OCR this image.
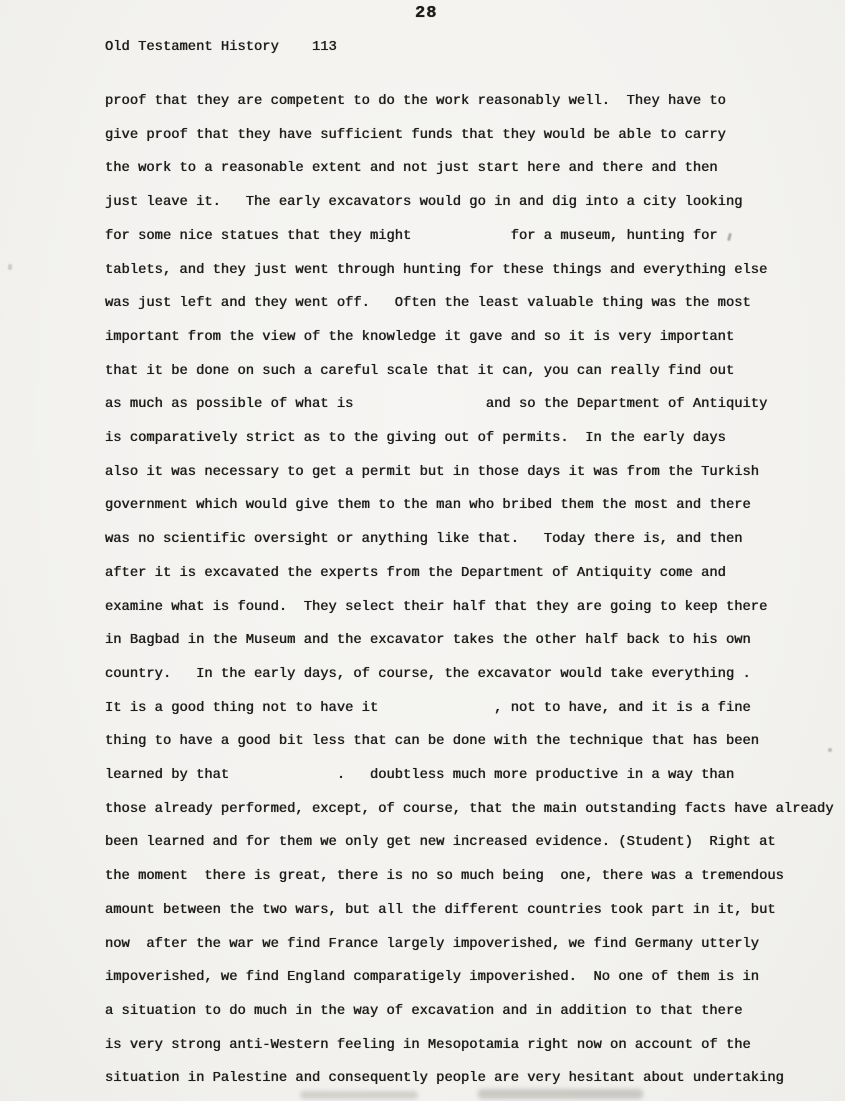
28
Old Testament History    113
proof that they are competent to do the work reasonably well.  They have to
give proof that they have sufficient funds that they would be able to carry
the work to a reasonable extent and not just start here and there and then
just leave it.   The early excavators would go in and dig into a city looking
for some nice statues that they might            for a museum, hunting for
tablets, and they just went through hunting for these things and everything else
was just left and they went off.   Often the least valuable thing was the most
important from the view of the knowledge it gave and so it is very important
that it be done on such a careful scale that it can, you can really find out
as much as possible of what is                and so the Department of Antiquity
is comparatively strict as to the giving out of permits.  In the early days
also it was necessary to get a permit but in those days it was from the Turkish
government which would give them to the man who bribed them the most and there
was no scientific oversight or anything like that.   Today there is, and then
after it is excavated the experts from the Department of Antiquity come and
examine what is found.  They select their half that they are going to keep there
in Bagbad in the Museum and the excavator takes the other half back to his own
country.   In the early days, of course, the excavator would take everything .
It is a good thing not to have it              , not to have, and it is a fine
thing to have a good bit less that can be done with the technique that has been
learned by that             .   doubtless much more productive in a way than
those already performed, except, of course, that the main outstanding facts have already
been learned and for them we only get new increased evidence. (Student)  Right at
the moment  there is great, there is no so much being  one, there was a tremendous
amount between the two wars, but all the different countries took part in it, but
now  after the war we find France largely impoverished, we find Germany utterly
impoverished, we find England comparatigely impoverished.  No one of them is in
a situation to do much in the way of excavation and in addition to that there
is very strong anti-Western feeling in Mesopotamia right now on account of the
situation in Palestine and consequently people are very hesitant about undertaking
